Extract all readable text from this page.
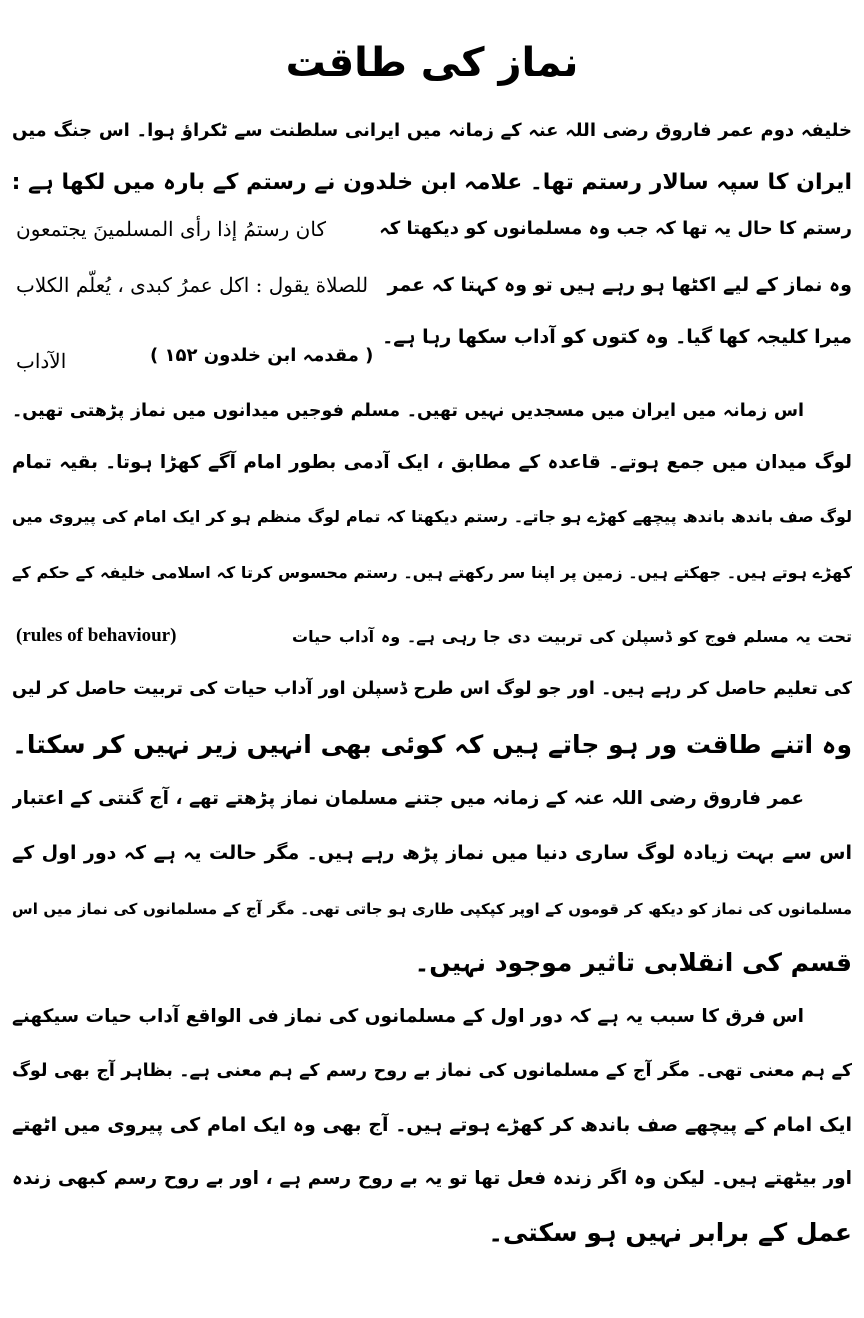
نماز کی طاقت
خلیفہ دوم عمر فاروق رضی اللہ عنہ کے زمانہ میں ایرانی سلطنت سے ٹکراؤ ہوا۔ اس جنگ میں
ایران کا سپہ سالار رستم تھا۔ علامہ ابن خلدون نے رستم کے بارہ میں لکھا ہے :
رستم کا حال یہ تھا کہ جب وہ مسلمانوں کو دیکھتا کہ
کان رستمُ إذا رأی المسلمینَ یجتمعون
وہ نماز کے لیے اکٹھا ہو رہے ہیں تو وہ کہتا کہ عمر
للصلاة یقول : اکل عمرُ کبدی ، یُعلّم الکلاب
میرا کلیجہ کھا گیا۔ وہ کتوں کو آداب سکھا رہا ہے۔
الآداب	( مقدمہ ابن خلدون ۱۵۲ )
اس زمانہ میں ایران میں مسجدیں نہیں تھیں۔ مسلم فوجیں میدانوں میں نماز پڑھتی تھیں۔
لوگ میدان میں جمع ہوتے۔ قاعدہ کے مطابق ، ایک آدمی بطور امام آگے کھڑا ہوتا۔ بقیہ تمام
لوگ صف باندھ باندھ پیچھے کھڑے ہو جاتے۔ رستم دیکھتا کہ تمام لوگ منظم ہو کر ایک امام کی پیروی میں
کھڑے ہوتے ہیں۔ جھکتے ہیں۔ زمین پر اپنا سر رکھتے ہیں۔ رستم محسوس کرتا کہ اسلامی خلیفہ کے حکم کے
تحت یہ مسلم فوج کو ڈسپلن کی تربیت دی جا رہی ہے۔ وہ آداب حیات
(rules of behaviour)
کی تعلیم حاصل کر رہے ہیں۔ اور جو لوگ اس طرح ڈسپلن اور آداب حیات کی تربیت حاصل کر لیں
وہ اتنے طاقت ور ہو جاتے ہیں کہ کوئی بھی انہیں زیر نہیں کر سکتا۔
عمر فاروق رضی اللہ عنہ کے زمانہ میں جتنے مسلمان نماز پڑھتے تھے ، آج گنتی کے اعتبار
اس سے بہت زیادہ لوگ ساری دنیا میں نماز پڑھ رہے ہیں۔ مگر حالت یہ ہے کہ دور اول کے
مسلمانوں کی نماز کو دیکھ کر قوموں کے اوپر کپکپی طاری ہو جاتی تھی۔ مگر آج کے مسلمانوں کی نماز میں اس
قسم کی انقلابی تاثیر موجود نہیں۔
اس فرق کا سبب یہ ہے کہ دور اول کے مسلمانوں کی نماز فی الواقع آداب حیات سیکھنے
کے ہم معنی تھی۔ مگر آج کے مسلمانوں کی نماز بے روح رسم کے ہم معنی ہے۔ بظاہر آج بھی لوگ
ایک امام کے پیچھے صف باندھ کر کھڑے ہوتے ہیں۔ آج بھی وہ ایک امام کی پیروی میں اٹھتے
اور بیٹھتے ہیں۔ لیکن وہ اگر زندہ فعل تھا تو یہ بے روح رسم ہے ، اور بے روح رسم کبھی زندہ
عمل کے برابر نہیں ہو سکتی۔
